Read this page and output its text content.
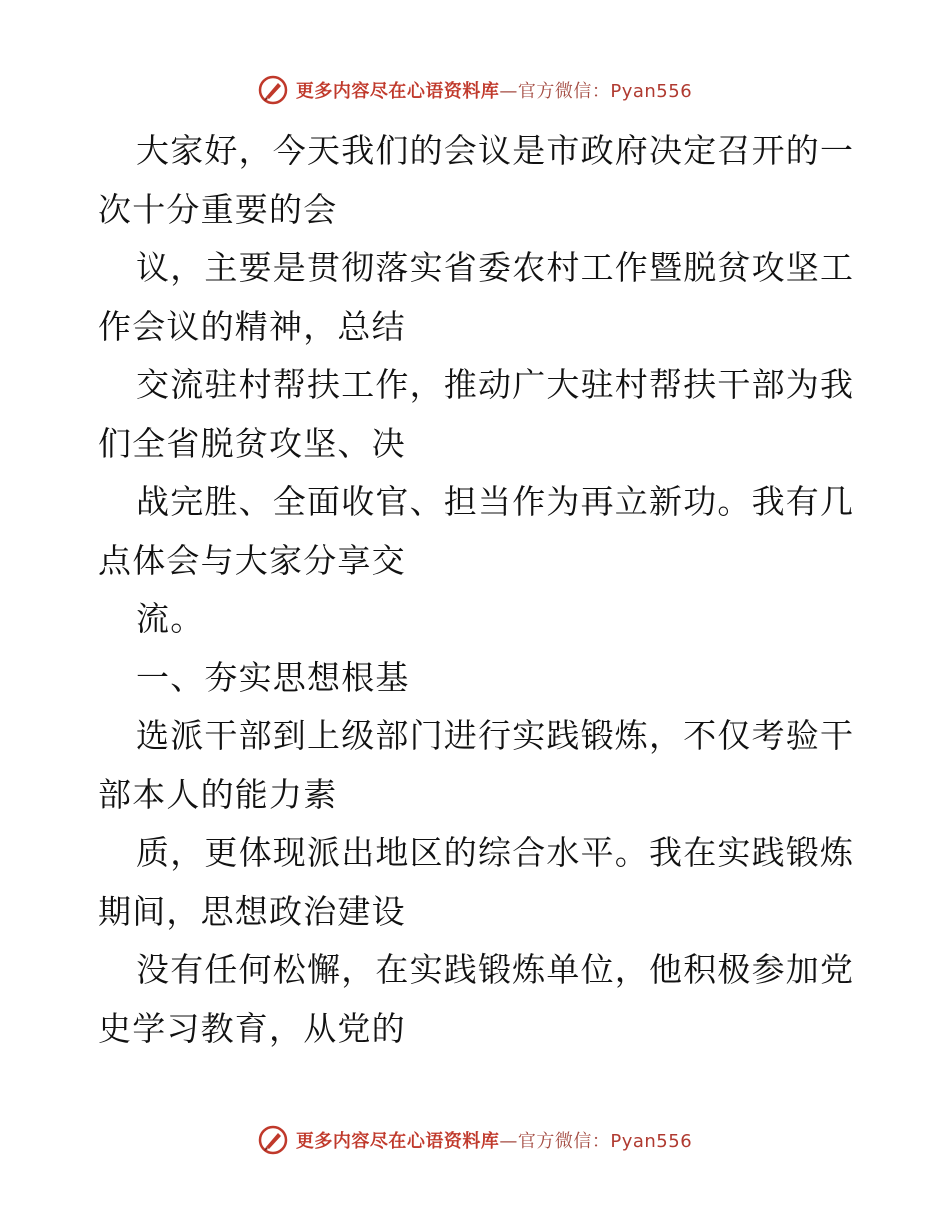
更多内容尽在心语资料库—官方微信：Pyan556
大家好，今天我们的会议是市政府决定召开的一
次十分重要的会
议，主要是贯彻落实省委农村工作暨脱贫攻坚工
作会议的精神，总结
交流驻村帮扶工作，推动广大驻村帮扶干部为我
们全省脱贫攻坚、决
战完胜、全面收官、担当作为再立新功。我有几
点体会与大家分享交
流。
一、夯实思想根基
选派干部到上级部门进行实践锻炼，不仅考验干
部本人的能力素
质，更体现派出地区的综合水平。我在实践锻炼
期间，思想政治建设
没有任何松懈，在实践锻炼单位，他积极参加党
史学习教育，从党的
更多内容尽在心语资料库—官方微信：Pyan556
